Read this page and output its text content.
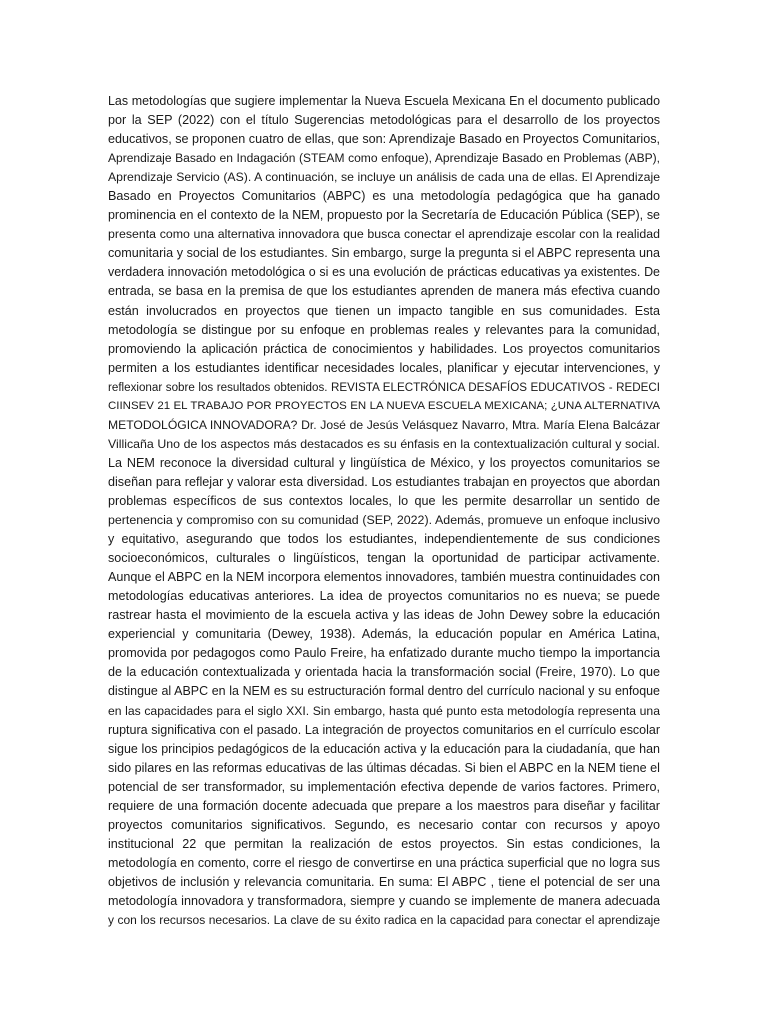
Las metodologías que sugiere implementar la Nueva Escuela Mexicana En el documento publicado
por la SEP (2022) con el título Sugerencias metodológicas para el desarrollo de los proyectos
educativos, se proponen cuatro de ellas, que son: Aprendizaje Basado en Proyectos Comunitarios,
Aprendizaje Basado en Indagación (STEAM como enfoque), Aprendizaje Basado en Problemas (ABP),
Aprendizaje Servicio (AS). A continuación, se incluye un análisis de cada una de ellas. El Aprendizaje
Basado en Proyectos Comunitarios (ABPC) es una metodología pedagógica que ha ganado
prominencia en el contexto de la NEM, propuesto por la Secretaría de Educación Pública (SEP), se
presenta como una alternativa innovadora que busca conectar el aprendizaje escolar con la realidad
comunitaria y social de los estudiantes. Sin embargo, surge la pregunta si el ABPC representa una
verdadera innovación metodológica o si es una evolución de prácticas educativas ya existentes. De
entrada, se basa en la premisa de que los estudiantes aprenden de manera más efectiva cuando
están involucrados en proyectos que tienen un impacto tangible en sus comunidades. Esta
metodología se distingue por su enfoque en problemas reales y relevantes para la comunidad,
promoviendo la aplicación práctica de conocimientos y habilidades. Los proyectos comunitarios
permiten a los estudiantes identificar necesidades locales, planificar y ejecutar intervenciones, y
reflexionar sobre los resultados obtenidos. REVISTA ELECTRÓNICA DESAFÍOS EDUCATIVOS - REDECI
CIINSEV 21 EL TRABAJO POR PROYECTOS EN LA NUEVA ESCUELA MEXICANA; ¿UNA ALTERNATIVA
METODOLÓGICA INNOVADORA? Dr. José de Jesús Velásquez Navarro, Mtra. María Elena Balcázar
Villicaña Uno de los aspectos más destacados es su énfasis en la contextualización cultural y social.
La NEM reconoce la diversidad cultural y lingüística de México, y los proyectos comunitarios se
diseñan para reflejar y valorar esta diversidad. Los estudiantes trabajan en proyectos que abordan
problemas específicos de sus contextos locales, lo que les permite desarrollar un sentido de
pertenencia y compromiso con su comunidad (SEP, 2022). Además, promueve un enfoque inclusivo
y equitativo, asegurando que todos los estudiantes, independientemente de sus condiciones
socioeconómicos, culturales o lingüísticos, tengan la oportunidad de participar activamente.
Aunque el ABPC en la NEM incorpora elementos innovadores, también muestra continuidades con
metodologías educativas anteriores. La idea de proyectos comunitarios no es nueva; se puede
rastrear hasta el movimiento de la escuela activa y las ideas de John Dewey sobre la educación
experiencial y comunitaria (Dewey, 1938). Además, la educación popular en América Latina,
promovida por pedagogos como Paulo Freire, ha enfatizado durante mucho tiempo la importancia
de la educación contextualizada y orientada hacia la transformación social (Freire, 1970). Lo que
distingue al ABPC en la NEM es su estructuración formal dentro del currículo nacional y su enfoque
en las capacidades para el siglo XXI. Sin embargo, hasta qué punto esta metodología representa una
ruptura significativa con el pasado. La integración de proyectos comunitarios en el currículo escolar
sigue los principios pedagógicos de la educación activa y la educación para la ciudadanía, que han
sido pilares en las reformas educativas de las últimas décadas. Si bien el ABPC en la NEM tiene el
potencial de ser transformador, su implementación efectiva depende de varios factores. Primero,
requiere de una formación docente adecuada que prepare a los maestros para diseñar y facilitar
proyectos comunitarios significativos. Segundo, es necesario contar con recursos y apoyo
institucional 22 que permitan la realización de estos proyectos. Sin estas condiciones, la
metodología en comento, corre el riesgo de convertirse en una práctica superficial que no logra sus
objetivos de inclusión y relevancia comunitaria. En suma: El ABPC , tiene el potencial de ser una
metodología innovadora y transformadora, siempre y cuando se implemente de manera adecuada
y con los recursos necesarios. La clave de su éxito radica en la capacidad para conectar el aprendizaje
